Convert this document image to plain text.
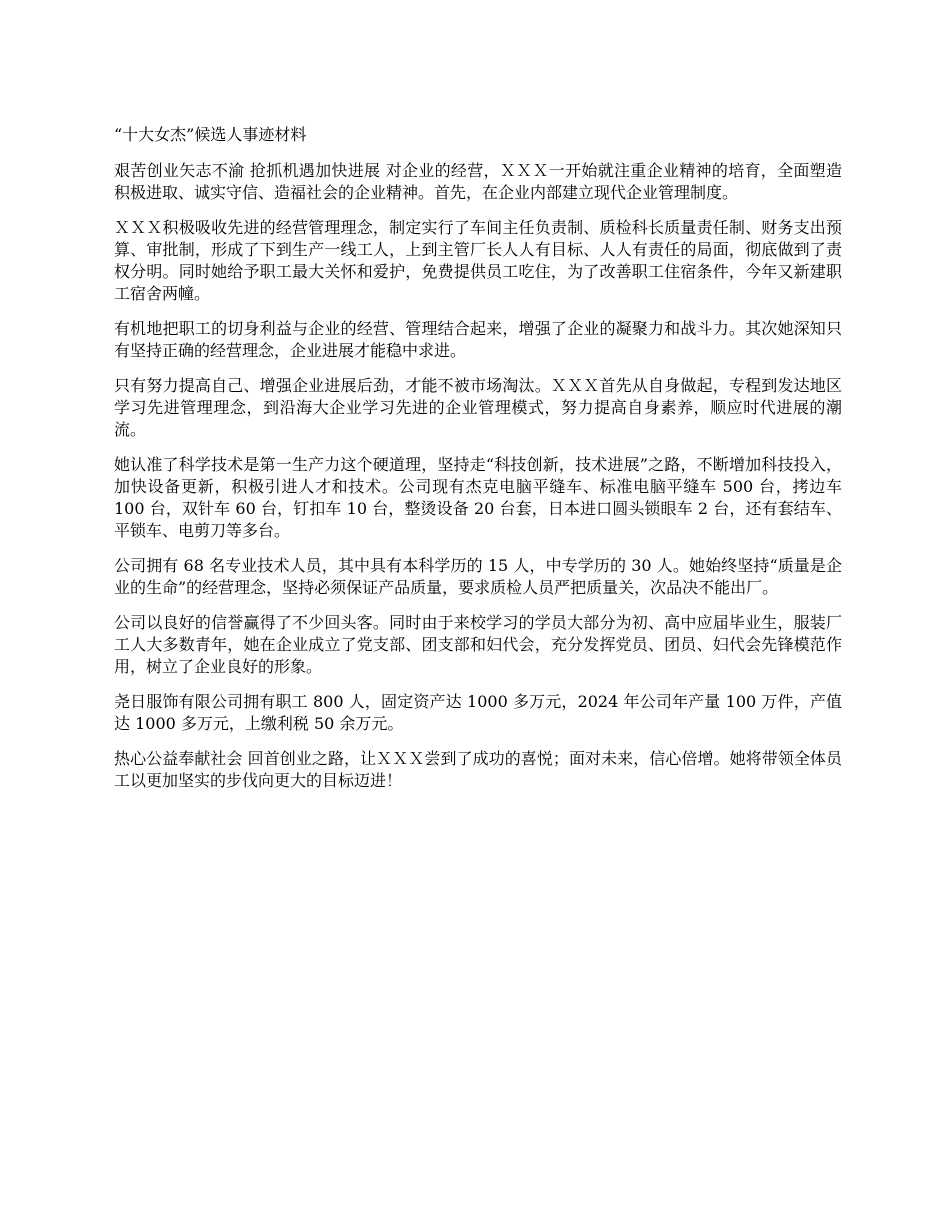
“十大女杰”候选人事迹材料

艰苦创业矢志不渝 抢抓机遇加快进展 对企业的经营，ＸＸＸ一开始就注重企业精神的培育，全面塑造积极进取、诚实守信、造福社会的企业精神。首先，在企业内部建立现代企业管理制度。

ＸＸＸ积极吸收先进的经营管理理念，制定实行了车间主任负责制、质检科长质量责任制、财务支出预算、审批制，形成了下到生产一线工人，上到主管厂长人人有目标、人人有责任的局面，彻底做到了责权分明。同时她给予职工最大关怀和爱护，免费提供员工吃住，为了改善职工住宿条件，今年又新建职工宿舍两幢。

有机地把职工的切身利益与企业的经营、管理结合起来，增强了企业的凝聚力和战斗力。其次她深知只有坚持正确的经营理念，企业进展才能稳中求进。

只有努力提高自己、增强企业进展后劲，才能不被市场淘汰。ＸＸＸ首先从自身做起，专程到发达地区学习先进管理理念，到沿海大企业学习先进的企业管理模式，努力提高自身素养，顺应时代进展的潮流。

她认准了科学技术是第一生产力这个硬道理，坚持走“科技创新，技术进展”之路，不断增加科技投入，加快设备更新，积极引进人才和技术。公司现有杰克电脑平缝车、标准电脑平缝车 500 台，拷边车 100 台，双针车 60 台，钉扣车 10 台，整烫设备 20 台套，日本进口圆头锁眼车 2 台，还有套结车、平锁车、电剪刀等多台。

公司拥有 68 名专业技术人员，其中具有本科学历的 15 人，中专学历的 30 人。她始终坚持“质量是企业的生命”的经营理念，坚持必须保证产品质量，要求质检人员严把质量关，次品决不能出厂。

公司以良好的信誉赢得了不少回头客。同时由于来校学习的学员大部分为初、高中应届毕业生，服装厂工人大多数青年，她在企业成立了党支部、团支部和妇代会，充分发挥党员、团员、妇代会先锋模范作用，树立了企业良好的形象。

尧日服饰有限公司拥有职工 800 人，固定资产达 1000 多万元，2024 年公司年产量 100 万件，产值达 1000 多万元，上缴利税 50 余万元。

热心公益奉献社会 回首创业之路，让ＸＸＸ尝到了成功的喜悦；面对未来，信心倍增。她将带领全体员工以更加坚实的步伐向更大的目标迈进！
